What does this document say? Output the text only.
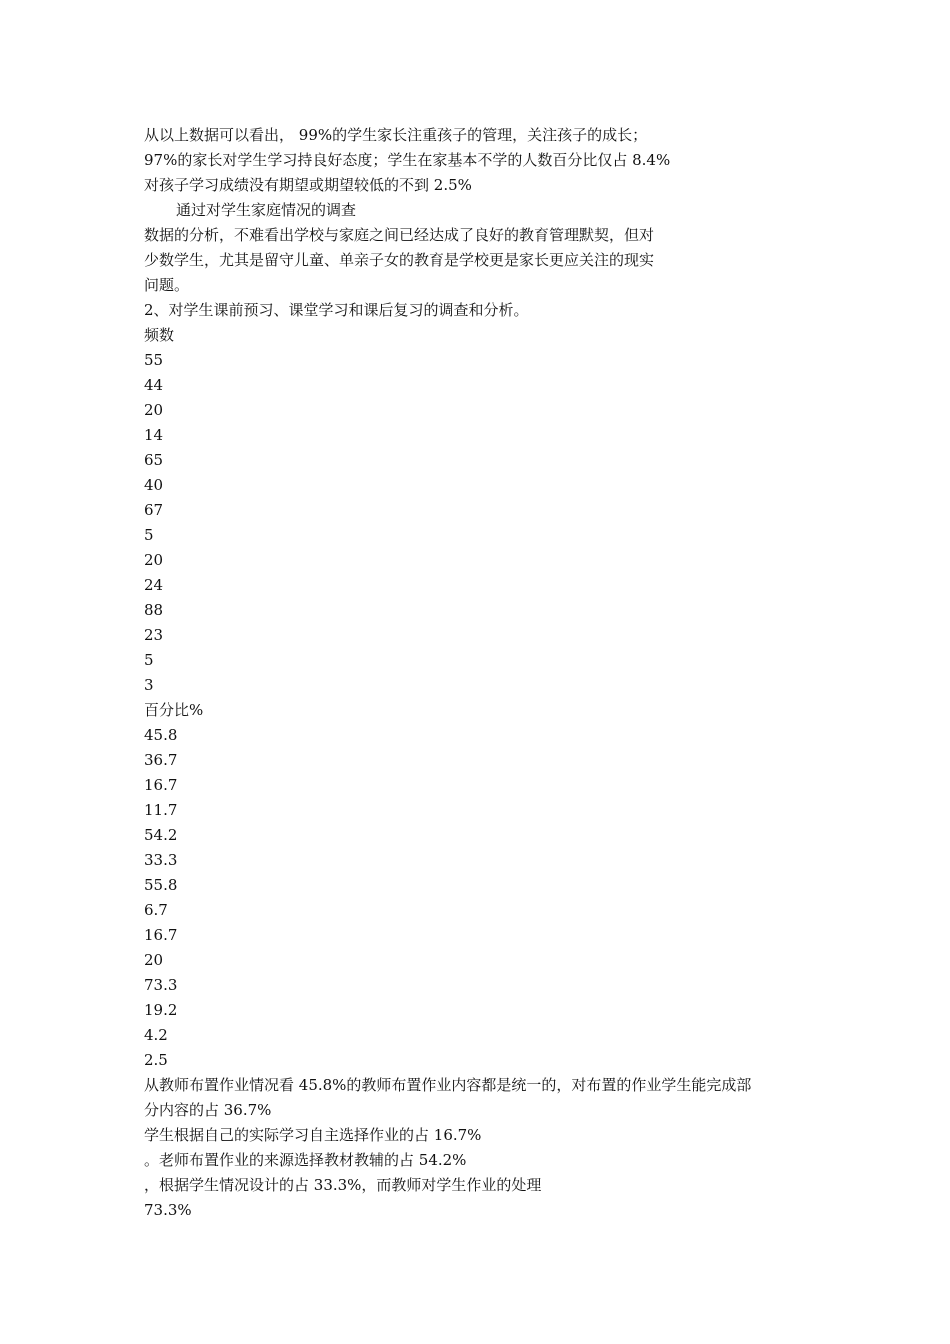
从以上数据可以看出， 99%的学生家长注重孩子的管理，关注孩子的成长；
97%的家长对学生学习持良好态度；学生在家基本不学的人数百分比仅占 8.4%
对孩子学习成绩没有期望或期望较低的不到 2.5%
通过对学生家庭情况的调查
数据的分析，不难看出学校与家庭之间已经达成了良好的教育管理默契，但对
少数学生，尤其是留守儿童、单亲子女的教育是学校更是家长更应关注的现实
问题。
2、对学生课前预习、课堂学习和课后复习的调查和分析。
频数
55
44
20
14
65
40
67
5
20
24
88
23
5
3
百分比%
45.8
36.7
16.7
11.7
54.2
33.3
55.8
6.7
16.7
20
73.3
19.2
4.2
2.5
从教师布置作业情况看 45.8%的教师布置作业内容都是统一的，对布置的作业学生能完成部
分内容的占 36.7%
学生根据自己的实际学习自主选择作业的占 16.7%
。老师布置作业的来源选择教材教辅的占 54.2%
，根据学生情况设计的占 33.3%，而教师对学生作业的处理
73.3%
